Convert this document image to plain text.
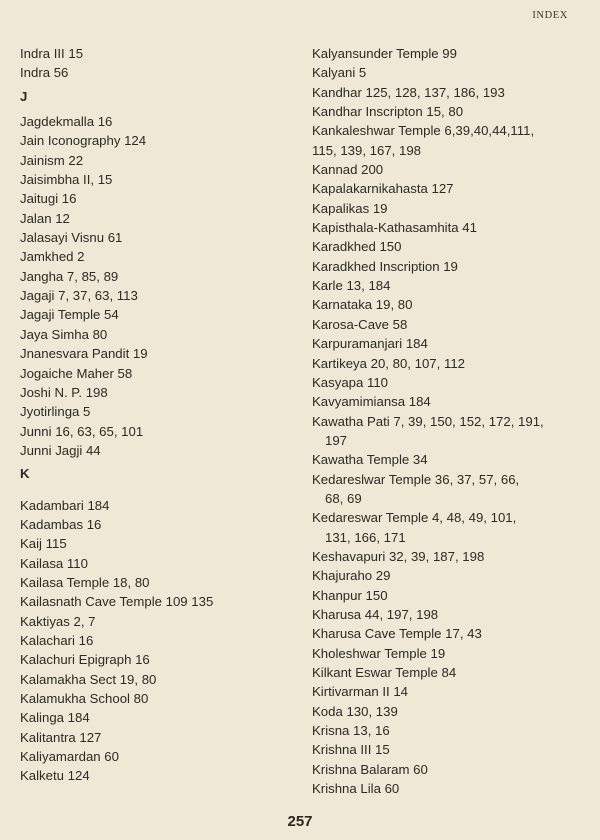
INDEX
Indra III 15
Indra 56
J
Jagdekmalla 16
Jain Iconography 124
Jainism 22
Jaisimbha II, 15
Jaitugi 16
Jalan 12
Jalasayi Visnu 61
Jamkhed 2
Jangha 7, 85, 89
Jagaji 7, 37, 63, 113
Jagaji Temple 54
Jaya Simha 80
Jnanesvara Pandit 19
Jogaiche Maher 58
Joshi N. P. 198
Jyotirlinga 5
Junni 16, 63, 65, 101
Junni Jagji 44
K
Kadambari 184
Kadambas 16
Kaij 115
Kailasa 110
Kailasa Temple 18, 80
Kailasnath Cave Temple 109 135
Kaktiyas 2, 7
Kalachari 16
Kalachuri Epigraph 16
Kalamakha Sect 19, 80
Kalamukha School 80
Kalinga 184
Kalitantra 127
Kaliyamardan 60
Kalketu 124
Kalyansunder Temple 99
Kalyani 5
Kandhar 125, 128, 137, 186, 193
Kandhar Inscripton 15, 80
Kankaleshwar Temple 6,39,40,44,111,
115, 139, 167, 198
Kannad 200
Kapalakarnikahasta 127
Kapalikas 19
Kapisthala-Kathasamhita 41
Karadkhed 150
Karadkhed Inscription 19
Karle 13, 184
Karnataka 19, 80
Karosa-Cave 58
Karpuramanjari 184
Kartikeya 20, 80, 107, 112
Kasyapa 110
Kavyamimiansa 184
Kawatha Pati 7, 39, 150, 152, 172, 191,
197
Kawatha Temple 34
Kedareslwar Temple 36, 37, 57, 66,
68, 69
Kedareswar Temple 4, 48, 49, 101,
131, 166, 171
Keshavapuri 32, 39, 187, 198
Khajuraho 29
Khanpur 150
Kharusa 44, 197, 198
Kharusa Cave Temple 17, 43
Kholeshwar Temple 19
Kilkant Eswar Temple 84
Kirtivarman II 14
Koda 130, 139
Krisna 13, 16
Krishna III 15
Krishna Balaram 60
Krishna Lila 60
257
